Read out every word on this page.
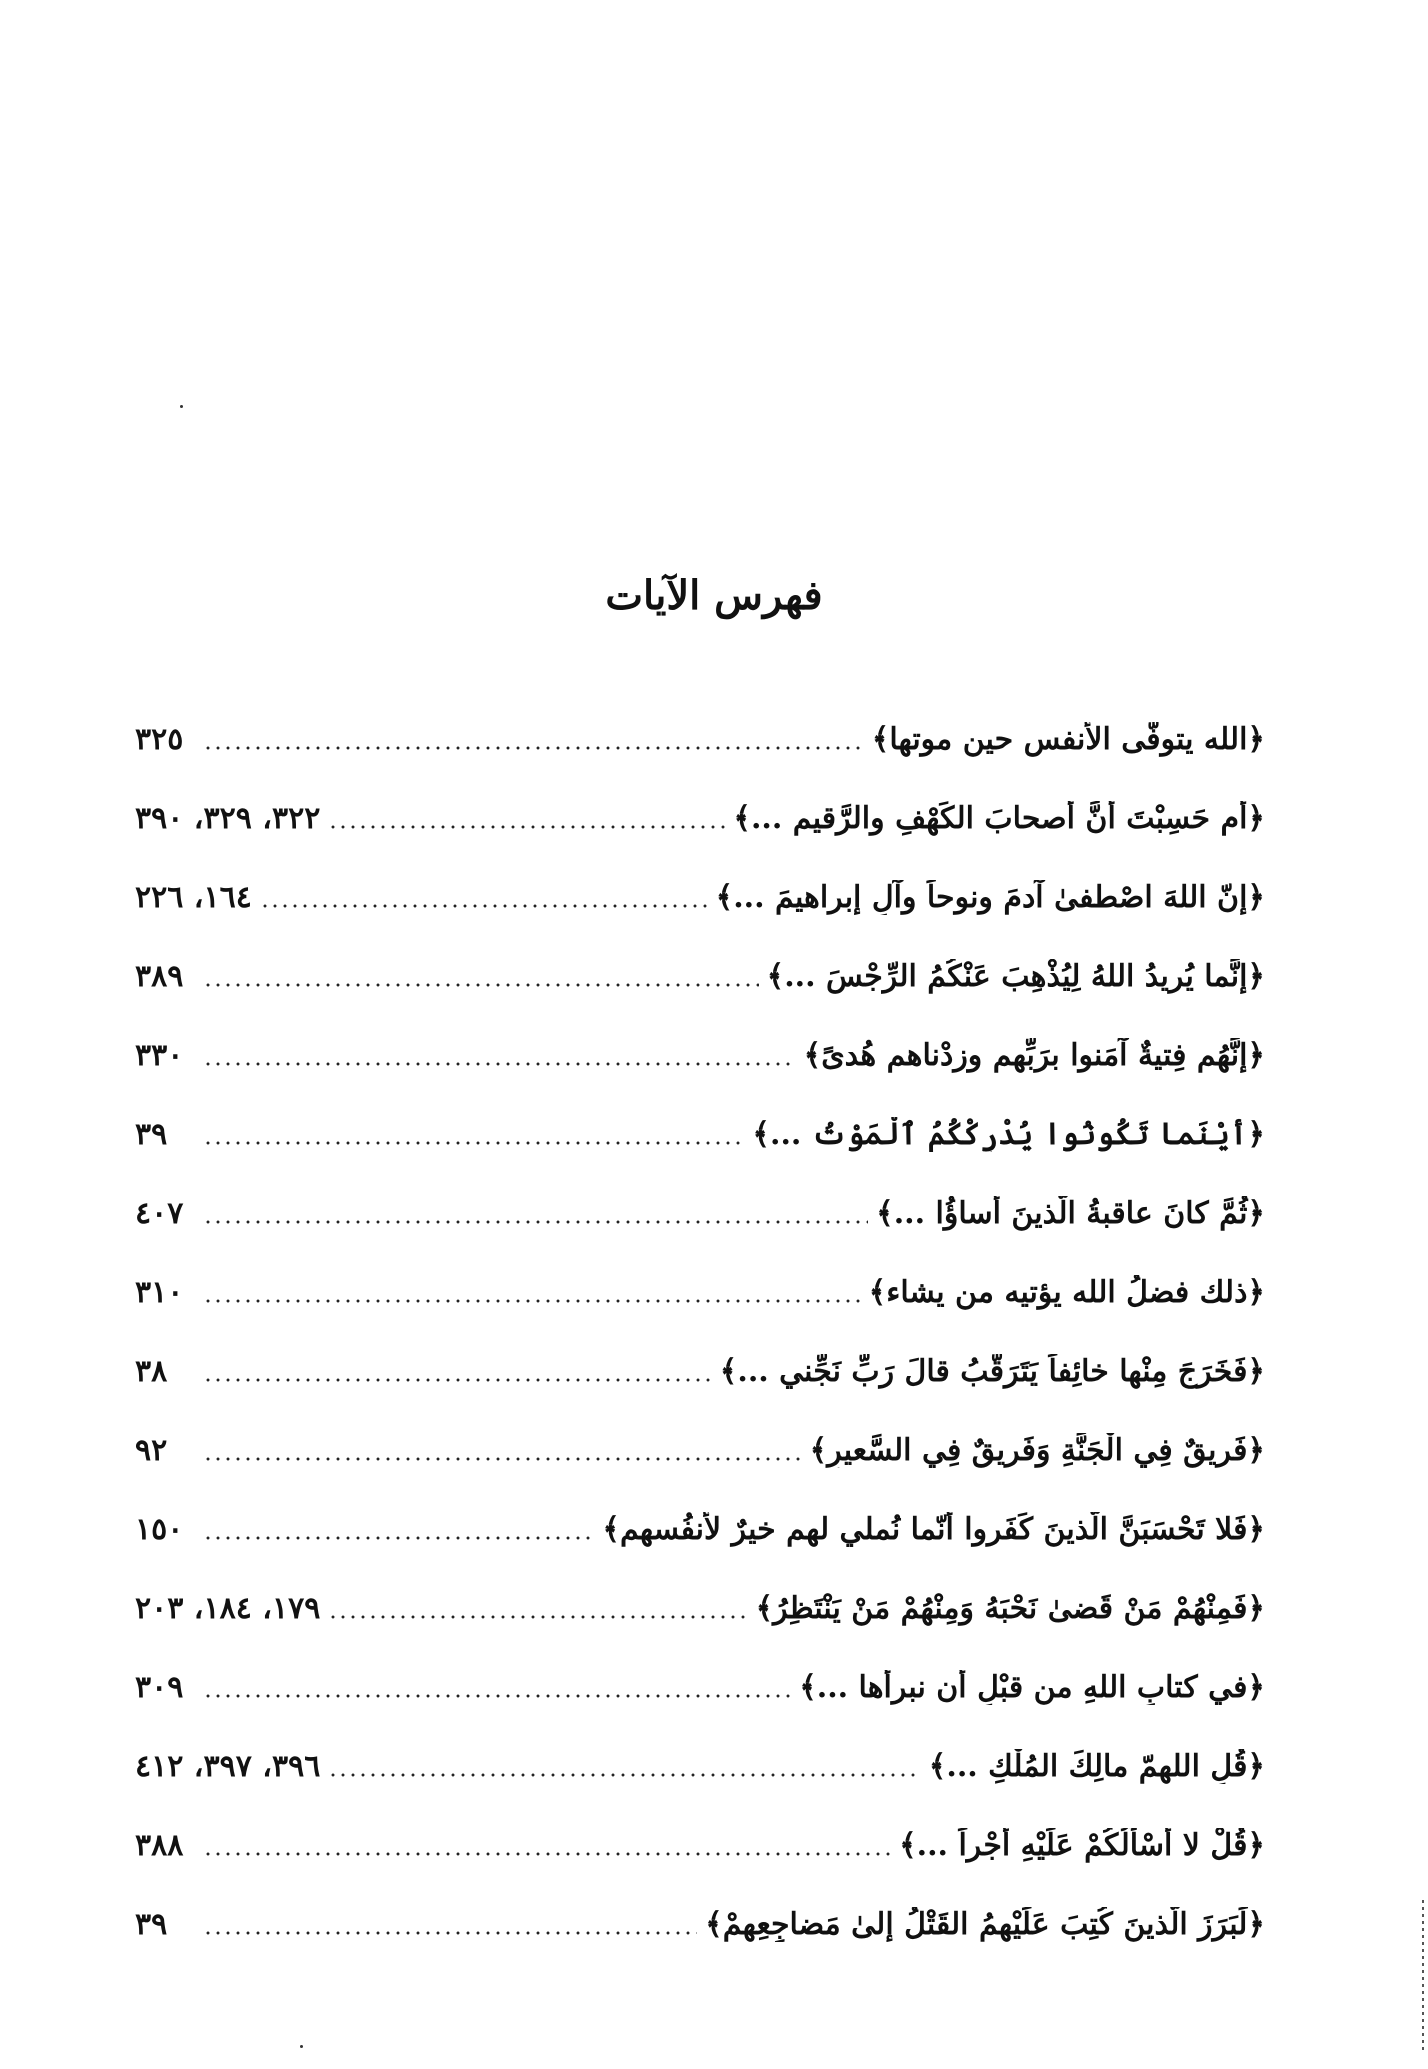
فهرس الآيات
﴿الله يتوفّى الأنفس حين موتها﴾
٣٢٥
﴿أم حَسِبْتَ أنَّ أصحابَ الكَهْفِ والرَّقيمِ ...﴾
٣٢٢، ٣٢٩، ٣٩٠
﴿إنّ اللهَ اصْطفىٰ آدمَ ونوحاً وآلِ إبراهيمَ ...﴾
١٦٤، ٢٢٦
﴿إنَّما يُريدُ اللهُ لِيُذْهِبَ عَنْكُمُ الرِّجْسَ ...﴾
٣٨٩
﴿إنَّهُم فِتيةٌ آمَنوا برَبِّهم وزدْناهم هُدىً﴾
٣٣٠
﴿أيْنَما تَكُونُوا يُدْرِكْكُمُ ٱلْمَوْتُ ...﴾
٣٩
﴿ثُمَّ كانَ عاقبةُ الّذينَ أَساؤُا ...﴾
٤٠٧
﴿ذلك فضلُ الله يؤتيه من يشاء﴾
٣١٠
﴿فَخَرَجَ مِنْها خائِفاً يَتَرَقَّبُ قالَ رَبِّ نَجِّني ...﴾
٣٨
﴿فَريقٌ فِي الْجَنَّةِ وَفَريقٌ فِي السَّعيرِ﴾
٩٢
﴿فَلا تَحْسَبَنَّ الّذينَ كَفَروا أنّما نُملي لهم خيرٌ لأنفُسهم﴾
١٥٠
﴿فَمِنْهُمْ مَنْ قَضىٰ نَحْبَهُ وَمِنْهُمْ مَنْ يَنْتَظِرُ﴾
١٧٩، ١٨٤، ٢٠٣
﴿في كتابِ اللهِ من قبْلِ أن نبرأها ...﴾
٣٠٩
﴿قُلِ اللهمّ مالِكَ المُلْكِ ...﴾
٣٩٦، ٣٩٧، ٤١٢
﴿قُلْ لا أسْألُكُمْ عَلَيْهِ أجْراً ...﴾
٣٨٨
﴿لَبَرَزَ الّذينَ كُتِبَ عَلَيْهِمُ القَتْلُ إلىٰ مَضاجِعِهِمْ﴾
٣٩
